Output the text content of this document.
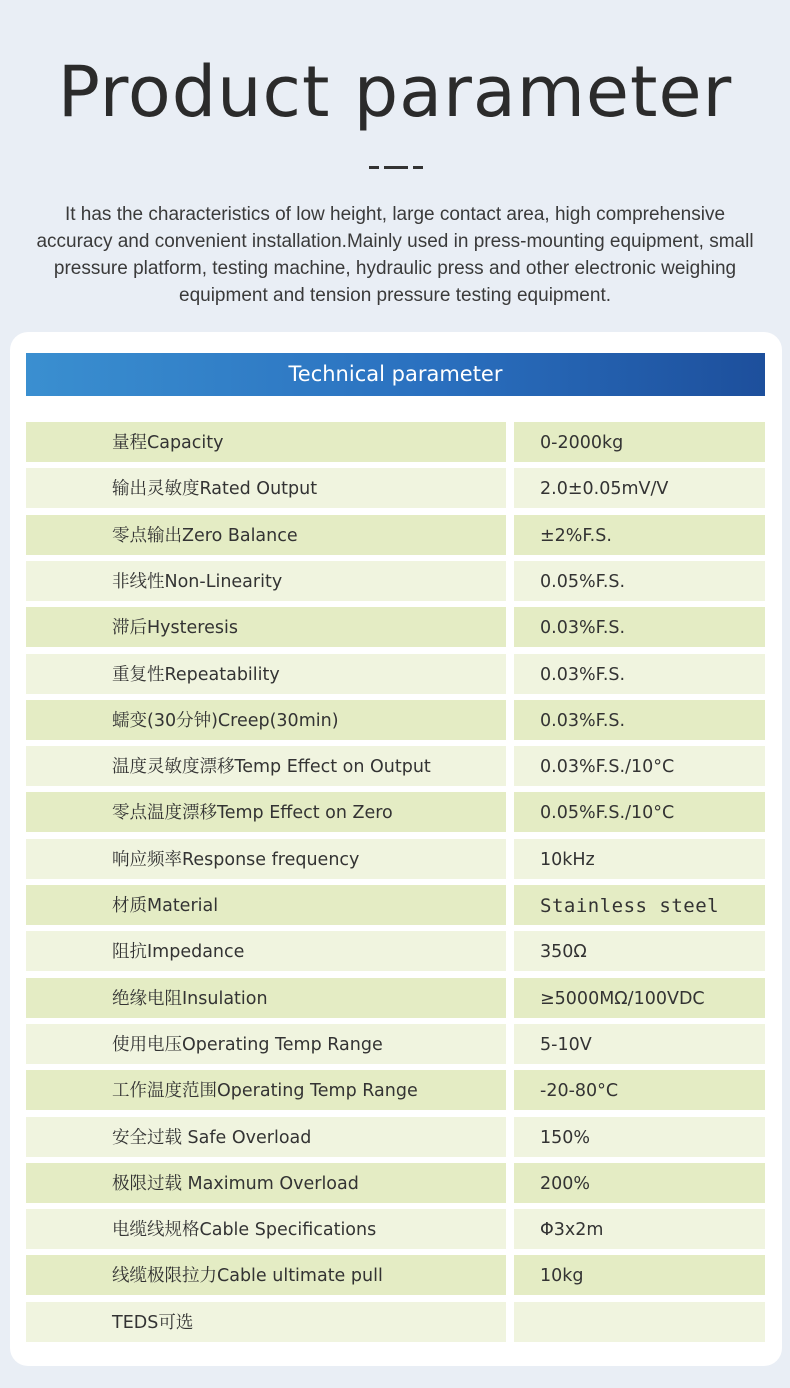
Product parameter
It has the characteristics of low height, large contact area, high comprehensive accuracy and convenient installation.Mainly used in press-mounting equipment, small pressure platform, testing machine, hydraulic press and other electronic weighing equipment and tension pressure testing equipment.
Technical parameter
量程Capacity	0-2000kg
输出灵敏度Rated Output	2.0±0.05mV/V
零点输出Zero Balance	±2%F.S.
非线性Non-Linearity	0.05%F.S.
滞后Hysteresis	0.03%F.S.
重复性Repeatability	0.03%F.S.
蠕变(30分钟)Creep(30min)	0.03%F.S.
温度灵敏度漂移Temp Effect on Output	0.03%F.S./10°C
零点温度漂移Temp Effect on Zero	0.05%F.S./10°C
响应频率Response frequency	10kHz
材质Material	Stainless steel
阻抗Impedance	350Ω
绝缘电阻Insulation	≥5000MΩ/100VDC
使用电压Operating Temp Range	5-10V
工作温度范围Operating Temp Range	-20-80°C
安全过载 Safe Overload	150%
极限过载 Maximum Overload	200%
电缆线规格Cable Specifications	Φ3x2m
线缆极限拉力Cable ultimate pull	10kg
TEDS可选
